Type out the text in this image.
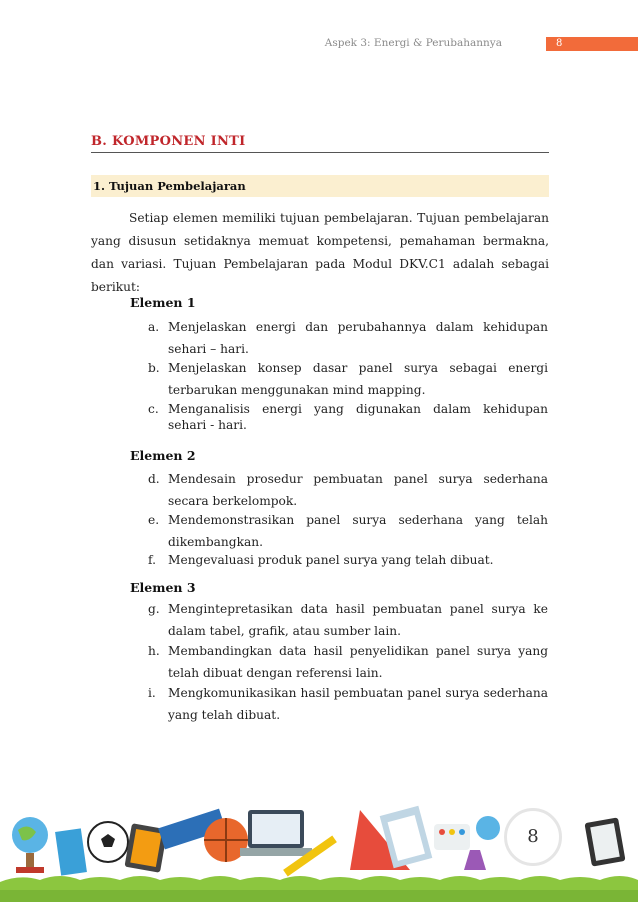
Aspek 3: Energi & Perubahannya	8
B. KOMPONEN INTI
1. Tujuan Pembelajaran
Setiap elemen memiliki tujuan pembelajaran. Tujuan pembelajaran yang disusun setidaknya memuat kompetensi, pemahaman bermakna, dan variasi. Tujuan Pembelajaran pada Modul DKV.C1 adalah sebagai berikut:
Elemen 1
a. Menjelaskan energi dan perubahannya dalam kehidupan sehari – hari.
b. Menjelaskan konsep dasar panel surya sebagai energi terbarukan menggunakan mind mapping.
c. Menganalisis energi yang digunakan dalam kehidupan sehari - hari.
Elemen 2
d. Mendesain prosedur pembuatan panel surya sederhana secara berkelompok.
e. Mendemonstrasikan panel surya sederhana yang telah dikembangkan.
f. Mengevaluasi produk panel surya yang telah dibuat.
Elemen 3
g. Mengintepretasikan data hasil pembuatan panel surya ke dalam tabel, grafik, atau sumber lain.
h. Membandingkan data hasil penyelidikan panel surya yang telah dibuat dengan referensi lain.
i. Mengkomunikasikan hasil pembuatan panel surya sederhana yang telah dibuat.
8
